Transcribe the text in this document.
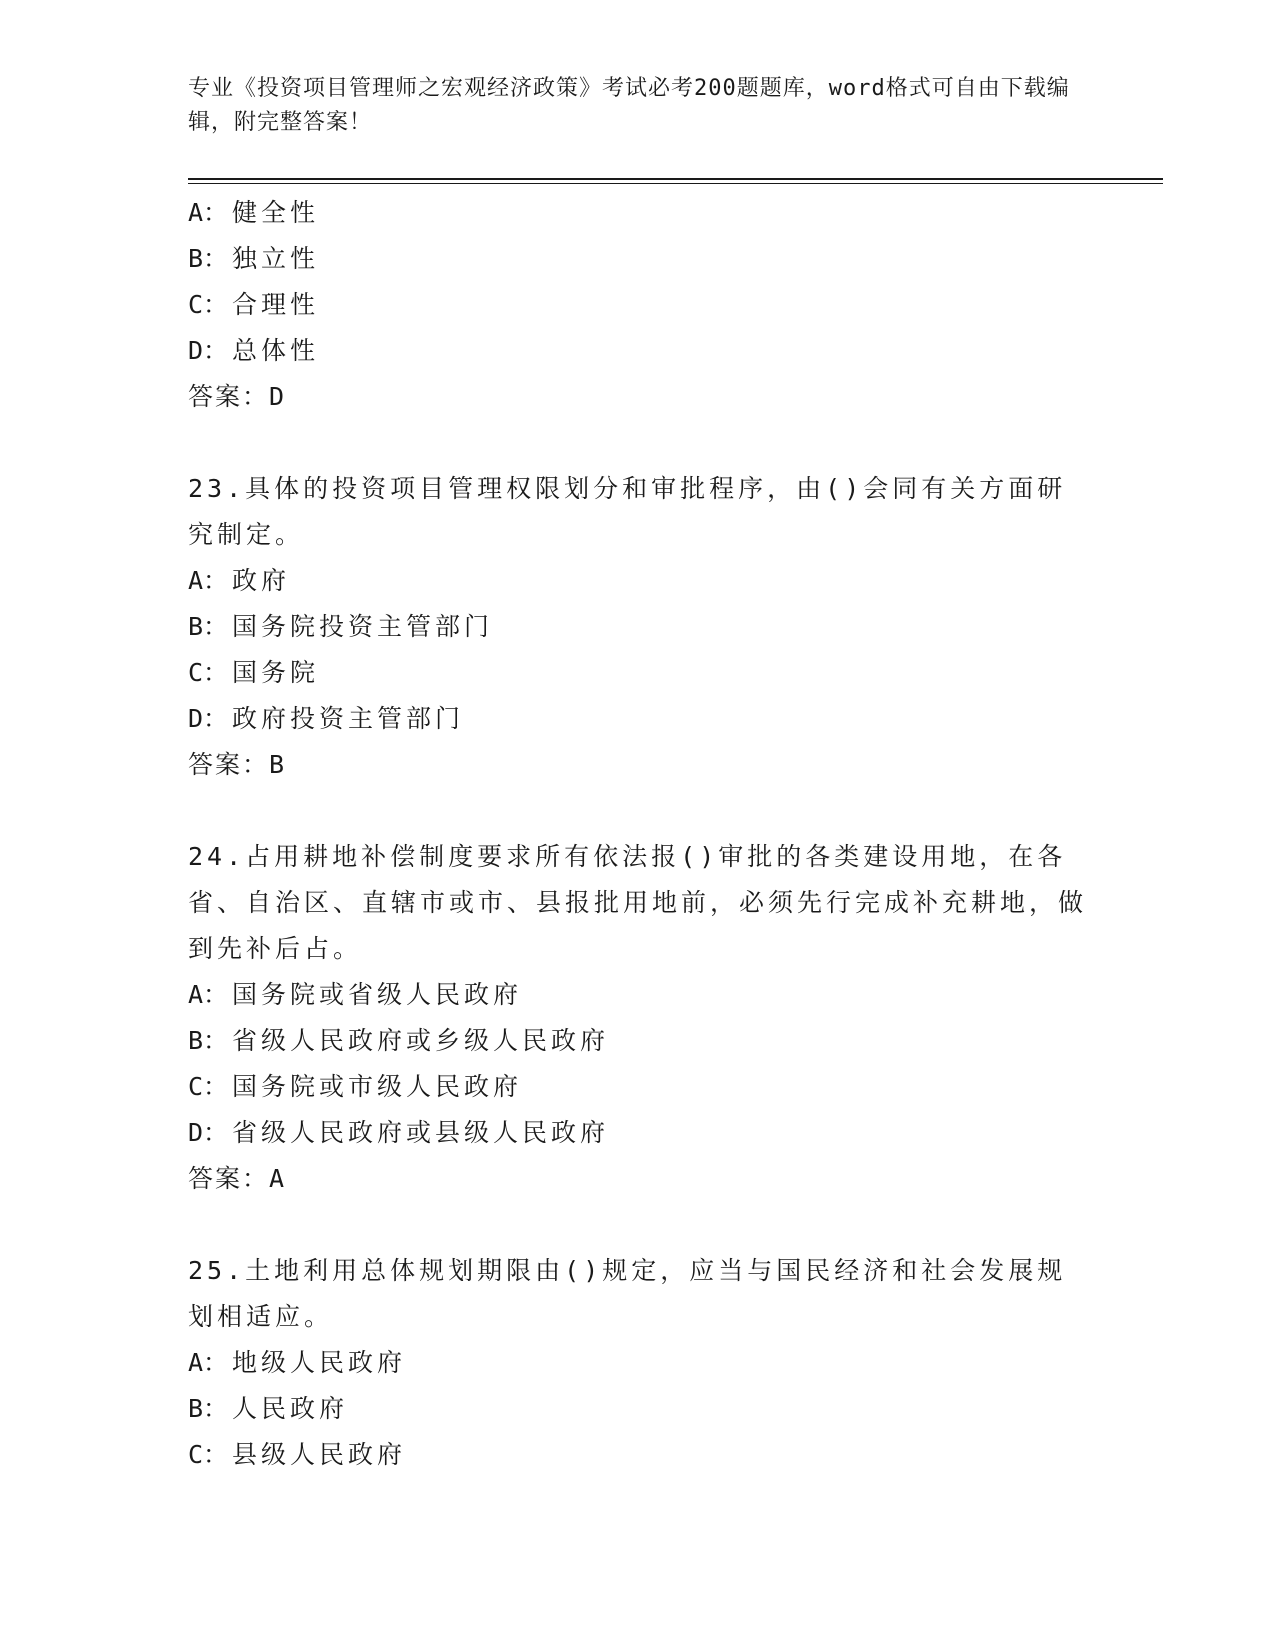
专业《投资项目管理师之宏观经济政策》考试必考200题题库，word格式可自由下载编辑，附完整答案！
A： 健全性
B： 独立性
C： 合理性
D： 总体性
答案：D
23.具体的投资项目管理权限划分和审批程序，由()会同有关方面研究制定。
A： 政府
B： 国务院投资主管部门
C： 国务院
D： 政府投资主管部门
答案：B
24.占用耕地补偿制度要求所有依法报()审批的各类建设用地，在各省、自治区、直辖市或市、县报批用地前，必须先行完成补充耕地，做到先补后占。
A： 国务院或省级人民政府
B： 省级人民政府或乡级人民政府
C： 国务院或市级人民政府
D： 省级人民政府或县级人民政府
答案：A
25.土地利用总体规划期限由()规定，应当与国民经济和社会发展规划相适应。
A： 地级人民政府
B： 人民政府
C： 县级人民政府
